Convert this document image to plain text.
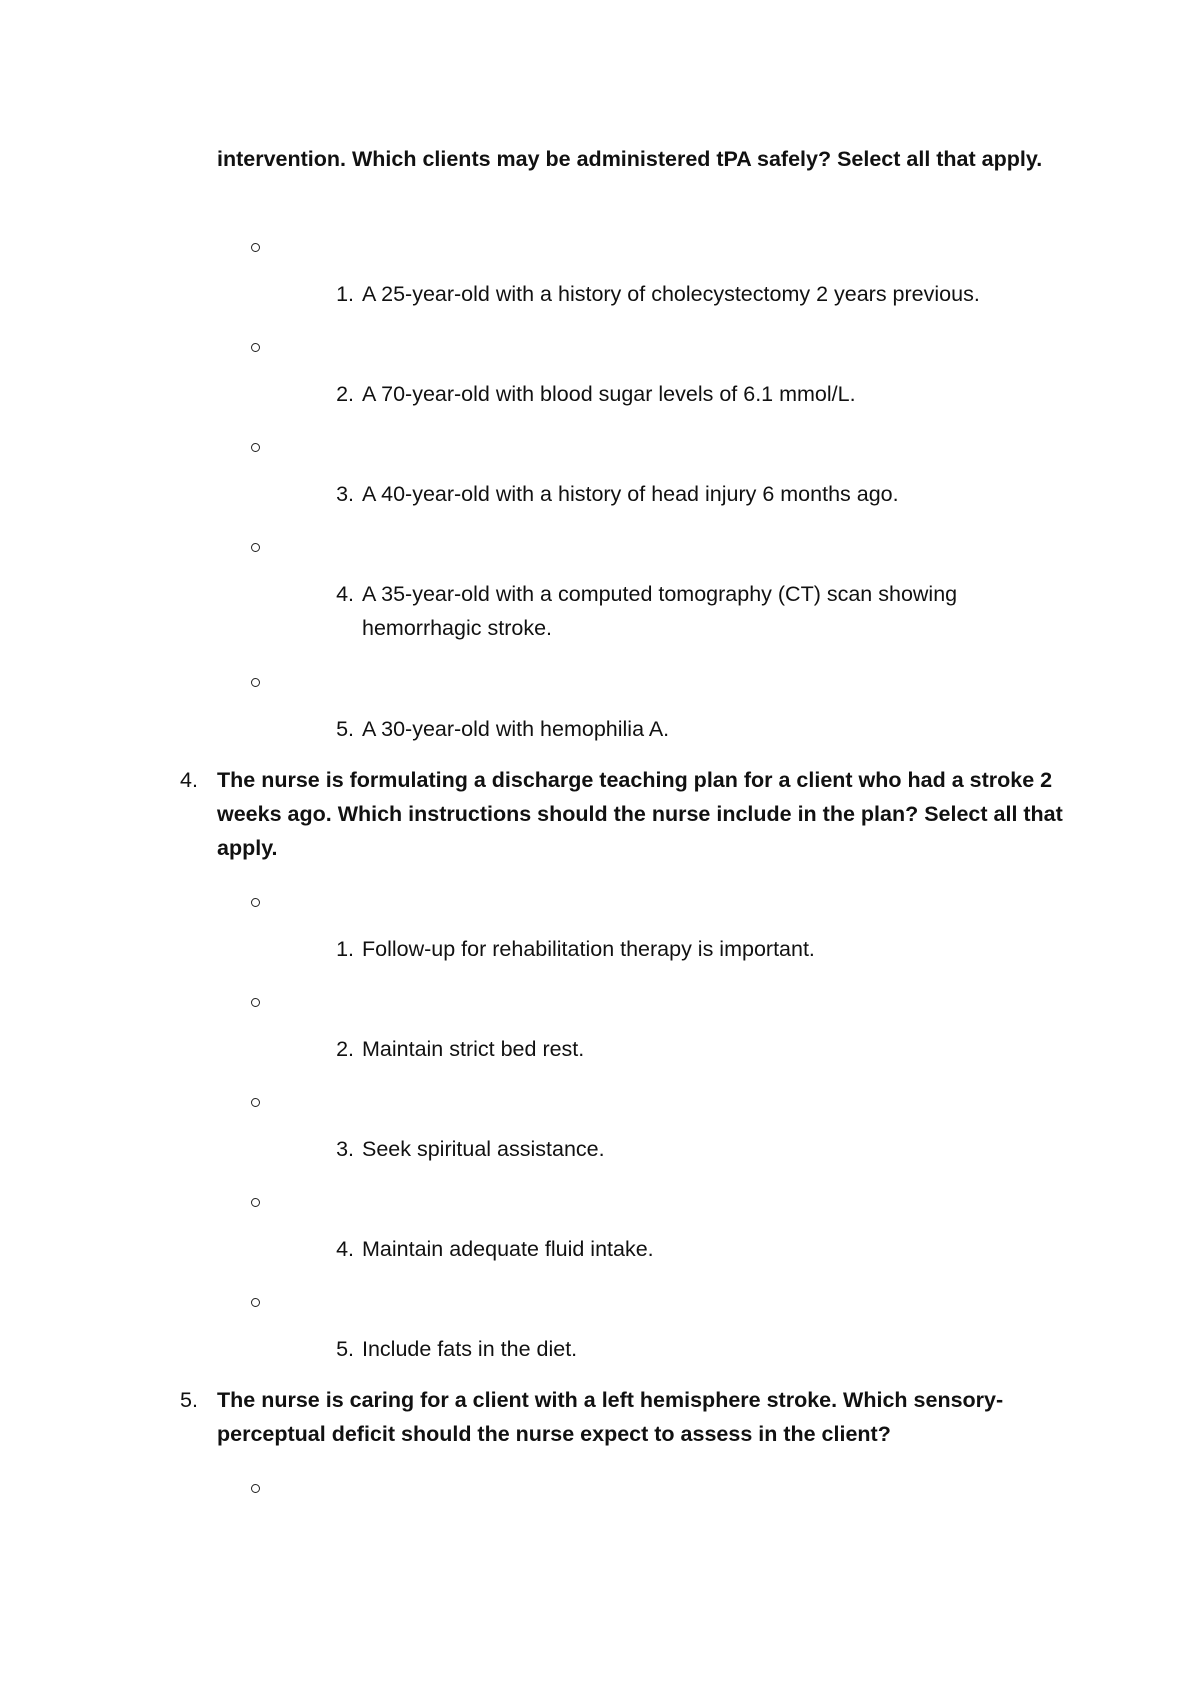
intervention. Which clients may be administered tPA safely? Select all that apply.
1. A 25-year-old with a history of cholecystectomy 2 years previous.
2. A 70-year-old with blood sugar levels of 6.1 mmol/L.
3. A 40-year-old with a history of head injury 6 months ago.
4. A 35-year-old with a computed tomography (CT) scan showing hemorrhagic stroke.
5. A 30-year-old with hemophilia A.
4. The nurse is formulating a discharge teaching plan for a client who had a stroke 2 weeks ago. Which instructions should the nurse include in the plan? Select all that apply.
1. Follow-up for rehabilitation therapy is important.
2. Maintain strict bed rest.
3. Seek spiritual assistance.
4. Maintain adequate fluid intake.
5. Include fats in the diet.
5. The nurse is caring for a client with a left hemisphere stroke. Which sensory-perceptual deficit should the nurse expect to assess in the client?
